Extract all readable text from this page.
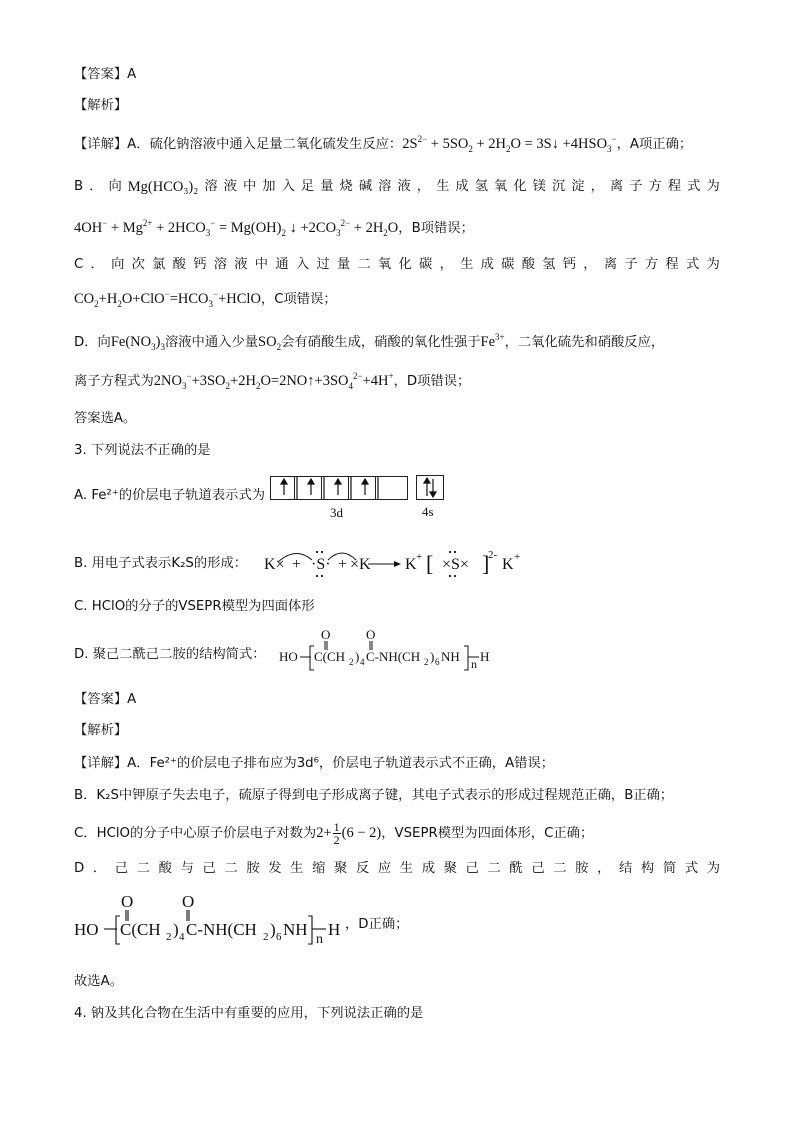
【答案】A
【解析】
【详解】A．硫化钠溶液中通入足量二氧化硫发生反应：$2S^{2-} + 5SO_2 + 2H_2O$ = 3S↓ $+4HSO_3^-$，A项正确；
B ． 向 Mg(HCO₃)₂ 溶 液 中 加 入 足 量 烧 碱 溶 液 ， 生 成 氢 氧 化 镁 沉 淀 ， 离 子 方 程 式 为
$4OH^- + Mg^{2+} + 2HCO_3^- = Mg(OH)_2$ ↓ $+2CO_3^{2-} + 2H_2O$，B项错误；
C ． 向 次 氯 酸 钙 溶 液 中 通 入 过 量 二 氧 化 碳 ， 生 成 碳 酸 氢 钙 ， 离 子 方 程 式 为
$CO_2+H_2O+ClO^-=HCO_3^-+HClO$，C项错误；
D．向$Fe(NO_3)_3$溶液中通入少量$SO_2$会有硝酸生成，硝酸的氧化性强于$Fe^{3+}$，二氧化硫先和硝酸反应，
离子方程式为$2NO_3^-+3SO_2+2H_2O=2NO↑+3SO_4^{2-}+4H^+$，D项错误；
答案选A。
3. 下列说法不正确的是
A. Fe²⁺的价层电子轨道表示式为
3d	4s
B. 用电子式表示K₂S的形成： K× + ·S· + ×K K + [ ×S× ]
2-
K +
C. HClO的分子的VSEPR模型为四面体形
D. 聚己二酰己二胺的结构简式： HO
O	O
C(CH 2 ) 4 C-NH(CH 2 ) 6 NH n H
【答案】A
【解析】
【详解】A．Fe²⁺的价层电子排布应为3d⁶，价层电子轨道表示式不正确，A错误；
B．K₂S中钾原子失去电子，硫原子得到电子形成离子键，其电子式表示的形成过程规范正确，B正确；
C．HClO的分子中心原子价层电子对数为$2+ \frac{1}{2} (6 - 2)$，VSEPR模型为四面体形，C正确；
D ． 己 二 酸 与 己 二 胺 发 生 缩 聚 反 应 生 成 聚 己 二 酰 己 二 胺 ， 结 构 简 式 为
HO
O	O
C(CH 2 ) 4 C-NH(CH 2 ) 6 NH
n
H ，D正确；
故选A。
4. 钠及其化合物在生活中有重要的应用，下列说法正确的是
